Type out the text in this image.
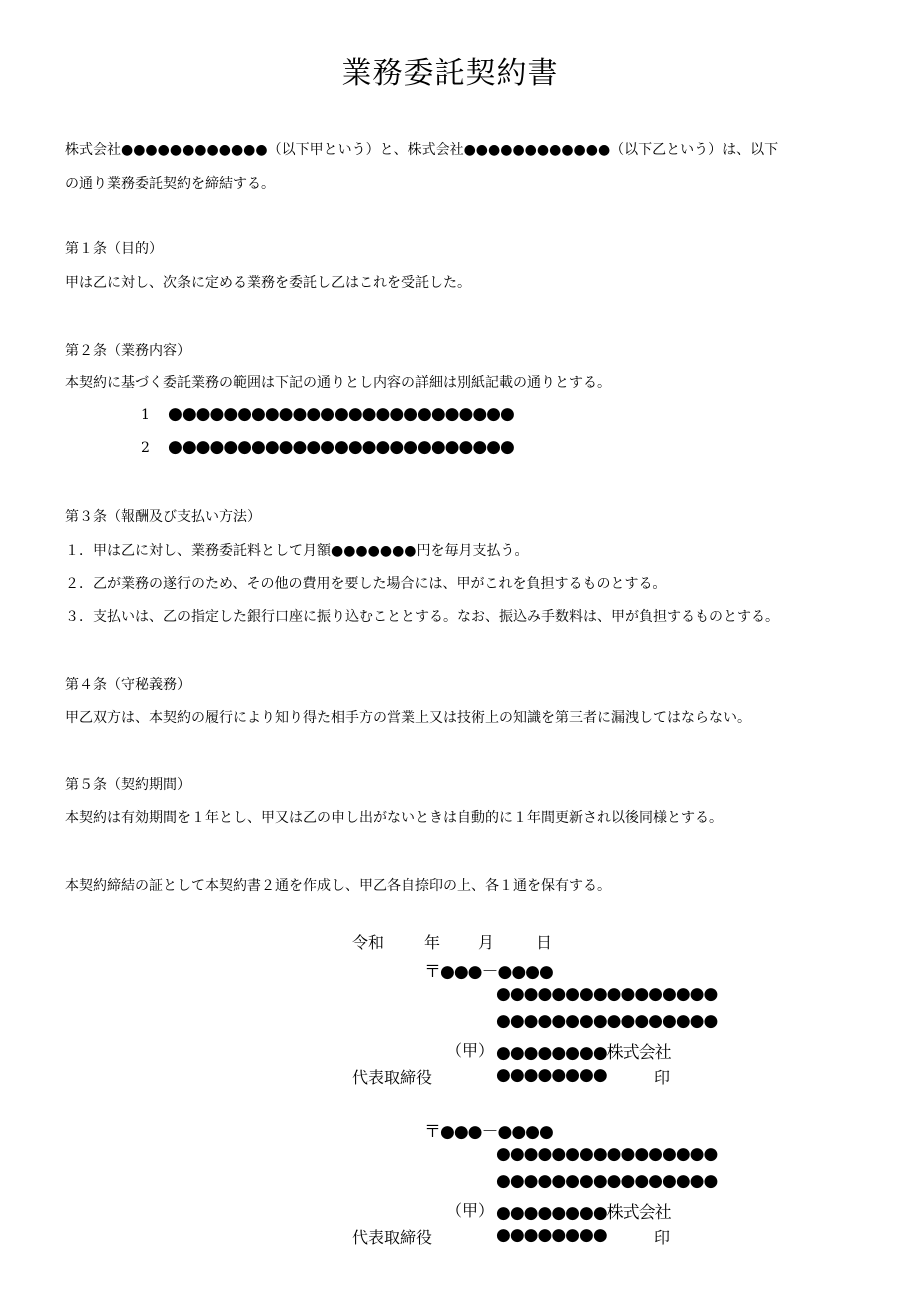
業務委託契約書
株式会社●●●●●●●●●●●●（以下甲という）と、株式会社●●●●●●●●●●●●（以下乙という）は、以下
の通り業務委託契約を締結する。
第１条（目的）
甲は乙に対し、次条に定める業務を委託し乙はこれを受託した。
第２条（業務内容）
本契約に基づく委託業務の範囲は下記の通りとし内容の詳細は別紙記載の通りとする。
1 ●●●●●●●●●●●●●●●●●●●●●●●●●
2 ●●●●●●●●●●●●●●●●●●●●●●●●●
第３条（報酬及び支払い方法）
１．甲は乙に対し、業務委託料として月額●●●●●●●円を毎月支払う。
２．乙が業務の遂行のため、その他の費用を要した場合には、甲がこれを負担するものとする。
３．支払いは、乙の指定した銀行口座に振り込むこととする。なお、振込み手数料は、甲が負担するものとする。
第４条（守秘義務）
甲乙双方は、本契約の履行により知り得た相手方の営業上又は技術上の知識を第三者に漏洩してはならない。
第５条（契約期間）
本契約は有効期間を１年とし、甲又は乙の申し出がないときは自動的に１年間更新され以後同様とする。
本契約締結の証として本契約書２通を作成し、甲乙各自捺印の上、各１通を保有する。
令和 年 月	日
〒●●●－●●●●
●●●●●●●●●●●●●●●●
●●●●●●●●●●●●●●●●
（甲） ●●●●●●●●株式会社
代表取締役	●●●●●●●●	印
〒●●●－●●●●
●●●●●●●●●●●●●●●●
●●●●●●●●●●●●●●●●
（甲） ●●●●●●●●株式会社
代表取締役	●●●●●●●●	印
